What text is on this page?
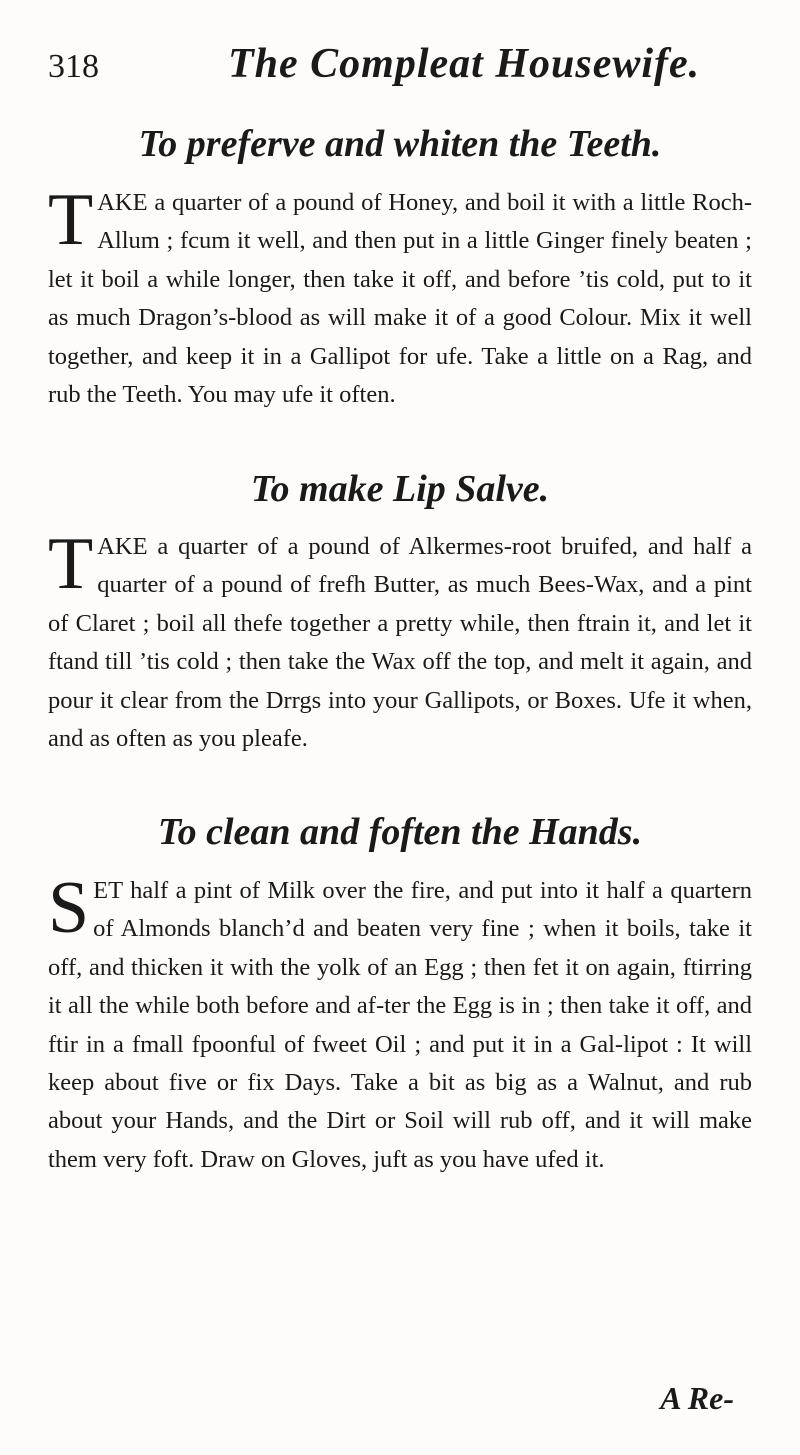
318	The Compleat Housewife.
To preferve and whiten the Teeth.
T AKE a quarter of a pound of Honey, and boil it with a little Roch-Allum ; fcum it well, and then put in a little Ginger finely beaten ; let it boil a while longer, then take it off, and before ’tis cold, put to it as much Dragon’s-blood as will make it of a good Colour. Mix it well together, and keep it in a Gallipot for ufe. Take a little on a Rag, and rub the Teeth. You may ufe it often.
To make Lip Salve.
T AKE a quarter of a pound of Alkermes-root bruifed, and half a quarter of a pound of frefh Butter, as much Bees-Wax, and a pint of Claret ; boil all thefe together a pretty while, then ftrain it, and let it ftand till ’tis cold ; then take the Wax off the top, and melt it again, and pour it clear from the Drrgs into your Gallipots, or Boxes. Ufe it when, and as often as you pleafe.
To clean and foften the Hands.
S ET half a pint of Milk over the fire, and put into it half a quartern of Almonds blanch’d and beaten very fine ; when it boils, take it off, and thicken it with the yolk of an Egg ; then fet it on again, ftirring it all the while both before and af-ter the Egg is in ; then take it off, and ftir in a fmall fpoonful of fweet Oil ; and put it in a Gal-lipot : It will keep about five or fix Days. Take a bit as big as a Walnut, and rub about your Hands, and the Dirt or Soil will rub off, and it will make them very foft. Draw on Gloves, juft as you have ufed it.
A Re-
